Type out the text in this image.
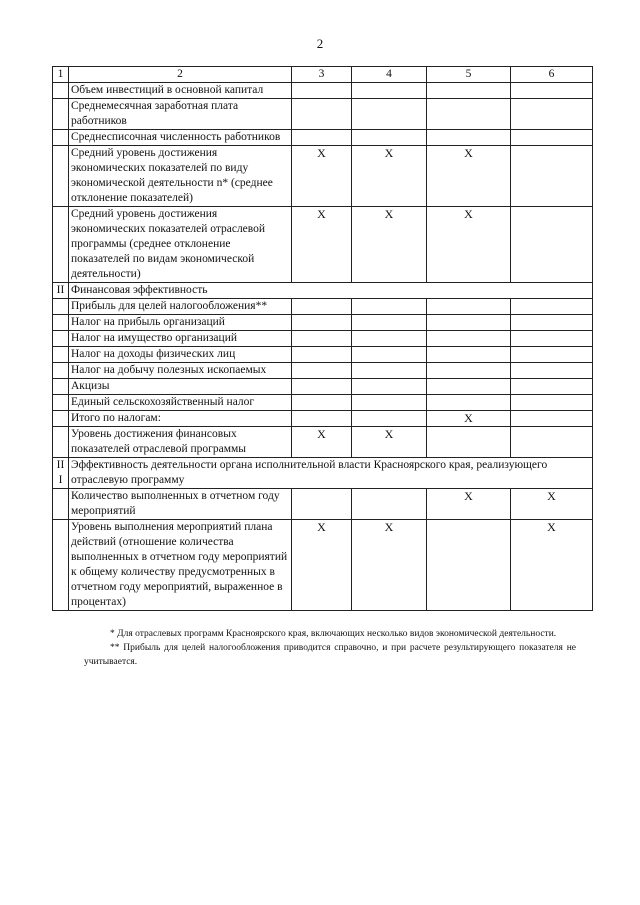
2
1	2	3	4	5	6
	Объем инвестиций в основной капитал				
	Среднемесячная заработная плата работников				
	Среднесписочная численность работников				
	Средний уровень достижения экономических показателей по виду экономической деятельности n* (среднее отклонение показателей)	X	X	X	
	Средний уровень достижения экономических показателей отраслевой программы (среднее отклонение показателей по видам экономической деятельности)	X	X	X	
II	Финансовая эффективность				
	Прибыль для целей налогообложения**				
	Налог на прибыль организаций				
	Налог на имущество организаций				
	Налог на доходы физических лиц				
	Налог на добычу полезных ископаемых				
	Акцизы				
	Единый сельскохозяйственный налог				
	Итого по налогам:			X	
	Уровень достижения финансовых показателей отраслевой программы	X	X		
III	Эффективность деятельности органа исполнительной власти Красноярского края, реализующего отраслевую программу				
	Количество выполненных в отчетном году мероприятий			X	X
	Уровень выполнения мероприятий плана действий (отношение количества выполненных в отчетном году мероприятий к общему количеству предусмотренных в отчетном году мероприятий, выраженное в процентах)	X	X		X

* Для отраслевых программ Красноярского края, включающих несколько видов экономической деятельности.

** Прибыль для целей налогообложения приводится справочно, и при расчете результирующего показателя не учитывается.
